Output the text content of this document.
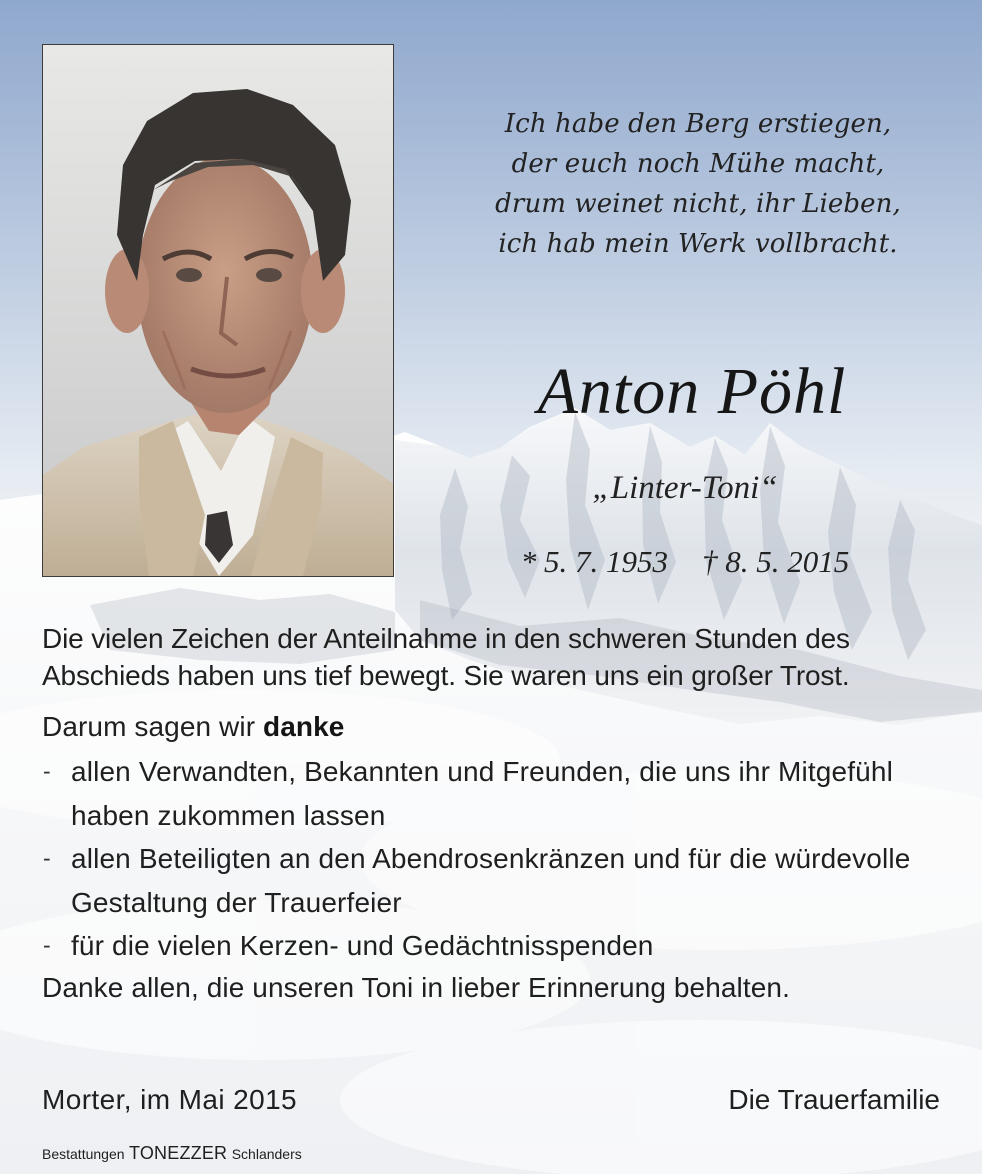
Ich habe den Berg erstiegen,
der euch noch Mühe macht,
drum weinet nicht, ihr Lieben,
ich hab mein Werk vollbracht.
Anton Pöhl
„Linter-Toni“
* 5. 7. 1953 † 8. 5. 2015

Die vielen Zeichen der Anteilnahme in den schweren Stunden des Abschieds haben uns tief bewegt. Sie waren uns ein großer Trost.

Darum sagen wir danke

- allen Verwandten, Bekannten und Freunden, die uns ihr Mitgefühl haben zukommen lassen
- allen Beteiligten an den Abendrosenkränzen und für die würdevolle Gestaltung der Trauerfeier
- für die vielen Kerzen- und Gedächtnisspenden

Danke allen, die unseren Toni in lieber Erinnerung behalten.

Morter, im Mai 2015	Die Trauerfamilie
Bestattungen TONEZZER Schlanders
